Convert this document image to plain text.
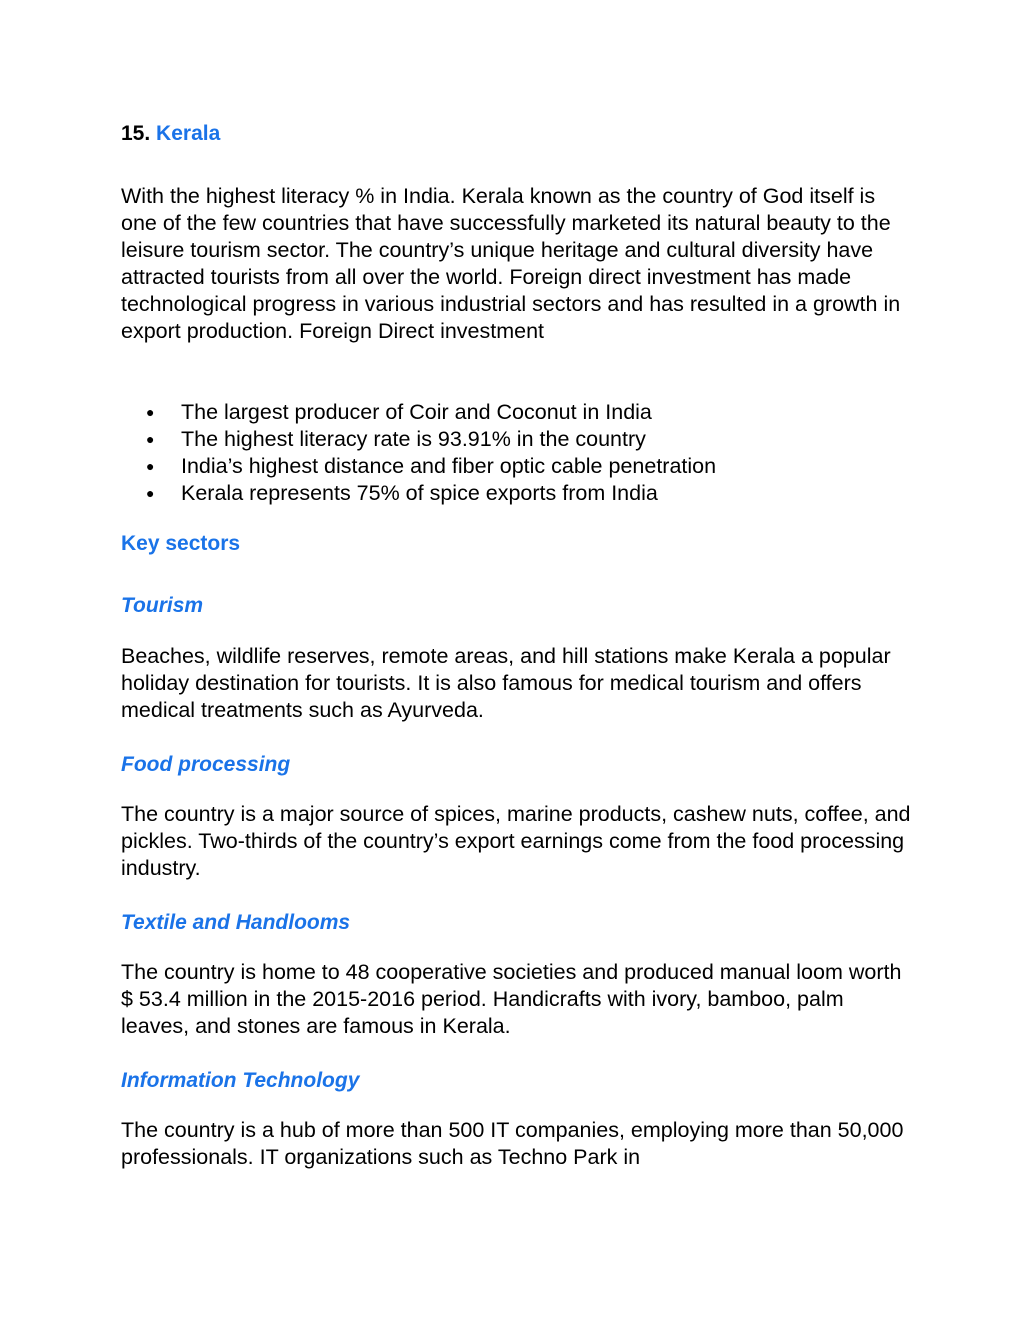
15. Kerala

With the highest literacy % in India. Kerala known as the country of God itself is one of the few countries that have successfully marketed its natural beauty to the leisure tourism sector. The country’s unique heritage and cultural diversity have attracted tourists from all over the world. Foreign direct investment has made technological progress in various industrial sectors and has resulted in a growth in export production. Foreign Direct investment

● The largest producer of Coir and Coconut in India
● The highest literacy rate is 93.91% in the country
● India’s highest distance and fiber optic cable penetration
● Kerala represents 75% of spice exports from India
Key sectors
Tourism

Beaches, wildlife reserves, remote areas, and hill stations make Kerala a popular holiday destination for tourists. It is also famous for medical tourism and offers medical treatments such as Ayurveda.

Food processing

The country is a major source of spices, marine products, cashew nuts, coffee, and pickles. Two-thirds of the country’s export earnings come from the food processing industry.

Textile and Handlooms

The country is home to 48 cooperative societies and produced manual loom worth $ 53.4 million in the 2015-2016 period. Handicrafts with ivory, bamboo, palm leaves, and stones are famous in Kerala.

Information Technology

The country is a hub of more than 500 IT companies, employing more than 50,000 professionals. IT organizations such as Techno Park in
